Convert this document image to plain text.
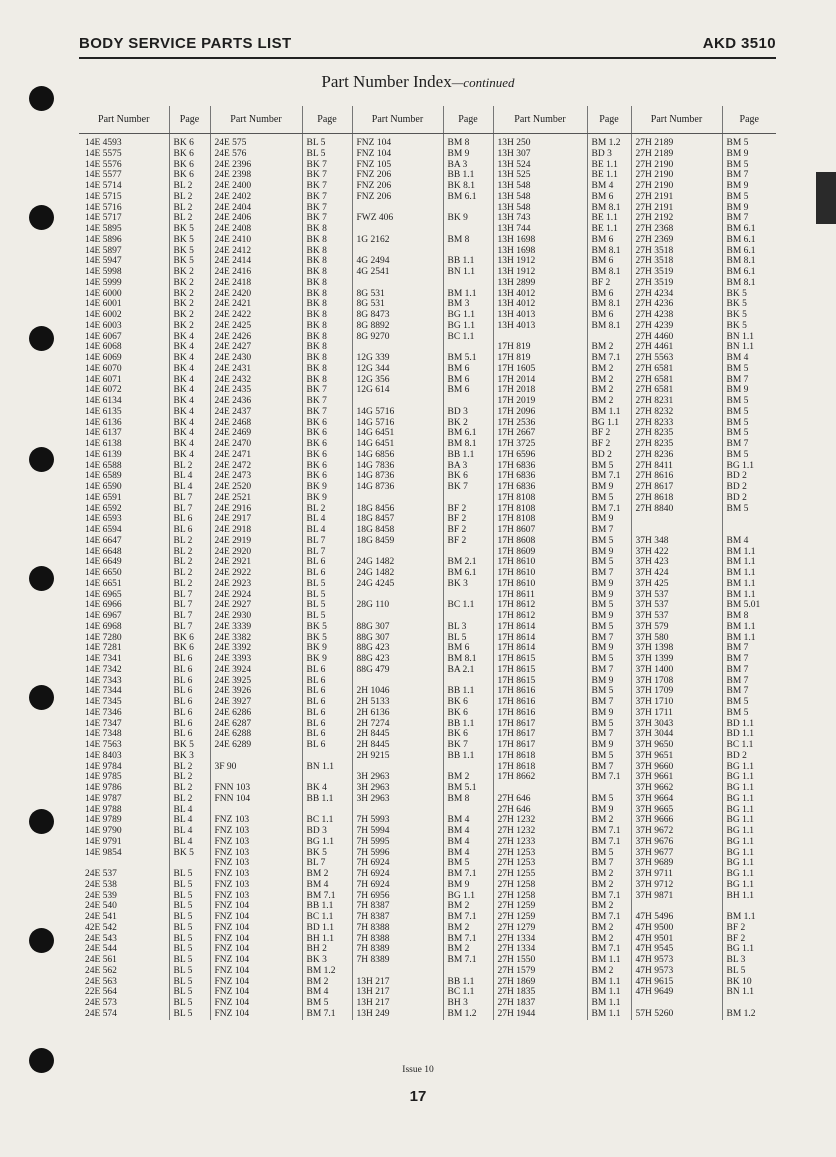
BODY SERVICE PARTS LIST	AKD 3510
Part Number Index—continued
Part Number	Page	Part Number	Page	Part Number	Page	Part Number	Page	Part Number	Page
14E 4593	BK 6	24E 575	BL 5	FNZ 104	BM 8	13H 250	BM 1.2	27H 2189	BM 5
14E 5575	BK 6	24E 576	BL 5	FNZ 104	BM 9	13H 307	BD 3	27H 2189	BM 9
14E 5576	BK 6	24E 2396	BK 7	FNZ 105	BA 3	13H 524	BE 1.1	27H 2190	BM 5
14E 5577	BK 6	24E 2398	BK 7	FNZ 206	BB 1.1	13H 525	BE 1.1	27H 2190	BM 7
14E 5714	BL 2	24E 2400	BK 7	FNZ 206	BK 8.1	13H 548	BM 4	27H 2190	BM 9
14E 5715	BL 2	24E 2402	BK 7	FNZ 206	BM 6.1	13H 548	BM 6	27H 2191	BM 5
14E 5716	BL 2	24E 2404	BK 7			13H 548	BM 8.1	27H 2191	BM 9
14E 5717	BL 2	24E 2406	BK 7	FWZ 406	BK 9	13H 743	BE 1.1	27H 2192	BM 7
14E 5895	BK 5	24E 2408	BK 8			13H 744	BE 1.1	27H 2368	BM 6.1
14E 5896	BK 5	24E 2410	BK 8	1G 2162	BM 8	13H 1698	BM 6	27H 2369	BM 6.1
14E 5897	BK 5	24E 2412	BK 8			13H 1698	BM 8.1	27H 3518	BM 6.1
14E 5947	BK 5	24E 2414	BK 8	4G 2494	BB 1.1	13H 1912	BM 6	27H 3518	BM 8.1
14E 5998	BK 2	24E 2416	BK 8	4G 2541	BN 1.1	13H 1912	BM 8.1	27H 3519	BM 6.1
14E 5999	BK 2	24E 2418	BK 8			13H 2899	BF 2	27H 3519	BM 8.1
14E 6000	BK 2	24E 2420	BK 8	8G 531	BM 1.1	13H 4012	BM 6	27H 4234	BK 5
14E 6001	BK 2	24E 2421	BK 8	8G 531	BM 3	13H 4012	BM 8.1	27H 4236	BK 5
14E 6002	BK 2	24E 2422	BK 8	8G 8473	BG 1.1	13H 4013	BM 6	27H 4238	BK 5
14E 6003	BK 2	24E 2425	BK 8	8G 8892	BG 1.1	13H 4013	BM 8.1	27H 4239	BK 5
14E 6067	BK 4	24E 2426	BK 8	8G 9270	BC 1.1			27H 4460	BN 1.1
14E 6068	BK 4	24E 2427	BK 8			17H 819	BM 2	27H 4461	BN 1.1
14E 6069	BK 4	24E 2430	BK 8	12G 339	BM 5.1	17H 819	BM 7.1	27H 5563	BM 4
14E 6070	BK 4	24E 2431	BK 8	12G 344	BM 6	17H 1605	BM 2	27H 6581	BM 5
14E 6071	BK 4	24E 2432	BK 8	12G 356	BM 6	17H 2014	BM 2	27H 6581	BM 7
14E 6072	BK 4	24E 2435	BK 7	12G 614	BM 6	17H 2018	BM 2	27H 6581	BM 9
14E 6134	BK 4	24E 2436	BK 7			17H 2019	BM 2	27H 8231	BM 5
14E 6135	BK 4	24E 2437	BK 7	14G 5716	BD 3	17H 2096	BM 1.1	27H 8232	BM 5
14E 6136	BK 4	24E 2468	BK 6	14G 5716	BK 2	17H 2536	BG 1.1	27H 8233	BM 5
14E 6137	BK 4	24E 2469	BK 6	14G 6451	BM 6.1	17H 2667	BF 2	27H 8235	BM 5
14E 6138	BK 4	24E 2470	BK 6	14G 6451	BM 8.1	17H 3725	BF 2	27H 8235	BM 7
14E 6139	BK 4	24E 2471	BK 6	14G 6856	BB 1.1	17H 6596	BD 2	27H 8236	BM 5
14E 6588	BL 2	24E 2472	BK 6	14G 7836	BA 3	17H 6836	BM 5	27H 8411	BG 1.1
14E 6589	BL 4	24E 2473	BK 6	14G 8736	BK 6	17H 6836	BM 7.1	27H 8616	BD 2
14E 6590	BL 4	24E 2520	BK 9	14G 8736	BK 7	17H 6836	BM 9	27H 8617	BD 2
14E 6591	BL 7	24E 2521	BK 9			17H 8108	BM 5	27H 8618	BD 2
14E 6592	BL 7	24E 2916	BL 2	18G 8456	BF 2	17H 8108	BM 7.1	27H 8840	BM 5
14E 6593	BL 6	24E 2917	BL 4	18G 8457	BF 2	17H 8108	BM 9		
14E 6594	BL 6	24E 2918	BL 4	18G 8458	BF 2	17H 8607	BM 7		
14E 6647	BL 2	24E 2919	BL 7	18G 8459	BF 2	17H 8608	BM 5	37H 348	BM 4
14E 6648	BL 2	24E 2920	BL 7			17H 8609	BM 9	37H 422	BM 1.1
14E 6649	BL 2	24E 2921	BL 6	24G 1482	BM 2.1	17H 8610	BM 5	37H 423	BM 1.1
14E 6650	BL 2	24E 2922	BL 6	24G 1482	BM 6.1	17H 8610	BM 7	37H 424	BM 1.1
14E 6651	BL 2	24E 2923	BL 5	24G 4245	BK 3	17H 8610	BM 9	37H 425	BM 1.1
14E 6965	BL 7	24E 2924	BL 5			17H 8611	BM 9	37H 537	BM 1.1
14E 6966	BL 7	24E 2927	BL 5	28G 110	BC 1.1	17H 8612	BM 5	37H 537	BM 5.01
14E 6967	BL 7	24E 2930	BL 5			17H 8612	BM 9	37H 537	BM 8
14E 6968	BL 7	24E 3339	BK 5	88G 307	BL 3	17H 8614	BM 5	37H 579	BM 1.1
14E 7280	BK 6	24E 3382	BK 5	88G 307	BL 5	17H 8614	BM 7	37H 580	BM 1.1
14E 7281	BK 6	24E 3392	BK 9	88G 423	BM 6	17H 8614	BM 9	37H 1398	BM 7
14E 7341	BL 6	24E 3393	BK 9	88G 423	BM 8.1	17H 8615	BM 5	37H 1399	BM 7
14E 7342	BL 6	24E 3924	BL 6	88G 479	BA 2.1	17H 8615	BM 7	37H 1400	BM 7
14E 7343	BL 6	24E 3925	BL 6			17H 8615	BM 9	37H 1708	BM 7
14E 7344	BL 6	24E 3926	BL 6	2H 1046	BB 1.1	17H 8616	BM 5	37H 1709	BM 7
14E 7345	BL 6	24E 3927	BL 6	2H 5133	BK 6	17H 8616	BM 7	37H 1710	BM 5
14E 7346	BL 6	24E 6286	BL 6	2H 6136	BK 6	17H 8616	BM 9	37H 1711	BM 5
14E 7347	BL 6	24E 6287	BL 6	2H 7274	BB 1.1	17H 8617	BM 5	37H 3043	BD 1.1
14E 7348	BL 6	24E 6288	BL 6	2H 8445	BK 6	17H 8617	BM 7	37H 3044	BD 1.1
14E 7563	BK 5	24E 6289	BL 6	2H 8445	BK 7	17H 8617	BM 9	37H 9650	BC 1.1
14E 8403	BK 3			2H 9215	BB 1.1	17H 8618	BM 5	37H 9651	BD 2
14E 9784	BL 2	3F 90	BN 1.1			17H 8618	BM 7	37H 9660	BG 1.1
14E 9785	BL 2			3H 2963	BM 2	17H 8662	BM 7.1	37H 9661	BG 1.1
14E 9786	BL 2	FNN 103	BK 4	3H 2963	BM 5.1			37H 9662	BG 1.1
14E 9787	BL 2	FNN 104	BB 1.1	3H 2963	BM 8	27H 646	BM 5	37H 9664	BG 1.1
14E 9788	BL 4					27H 646	BM 9	37H 9665	BG 1.1
14E 9789	BL 4	FNZ 103	BC 1.1	7H 5993	BM 4	27H 1232	BM 2	37H 9666	BG 1.1
14E 9790	BL 4	FNZ 103	BD 3	7H 5994	BM 4	27H 1232	BM 7.1	37H 9672	BG 1.1
14E 9791	BL 4	FNZ 103	BG 1.1	7H 5995	BM 4	27H 1233	BM 7.1	37H 9676	BG 1.1
14E 9854	BK 5	FNZ 103	BK 5	7H 5996	BM 4	27H 1253	BM 5	37H 9677	BG 1.1
		FNZ 103	BL 7	7H 6924	BM 5	27H 1253	BM 7	37H 9689	BG 1.1
24E 537	BL 5	FNZ 103	BM 2	7H 6924	BM 7.1	27H 1255	BM 2	37H 9711	BG 1.1
24E 538	BL 5	FNZ 103	BM 4	7H 6924	BM 9	27H 1258	BM 2	37H 9712	BG 1.1
24E 539	BL 5	FNZ 103	BM 7.1	7H 6956	BG 1.1	27H 1258	BM 7.1	37H 9871	BH 1.1
24E 540	BL 5	FNZ 104	BB 1.1	7H 8387	BM 2	27H 1259	BM 2		
24E 541	BL 5	FNZ 104	BC 1.1	7H 8387	BM 7.1	27H 1259	BM 7.1	47H 5496	BM 1.1
42E 542	BL 5	FNZ 104	BD 1.1	7H 8388	BM 2	27H 1279	BM 2	47H 9500	BF 2
24E 543	BL 5	FNZ 104	BH 1.1	7H 8388	BM 7.1	27H 1334	BM 2	47H 9501	BF 2
24E 544	BL 5	FNZ 104	BH 2	7H 8389	BM 2	27H 1334	BM 7.1	47H 9545	BG 1.1
24E 561	BL 5	FNZ 104	BK 3	7H 8389	BM 7.1	27H 1550	BM 1.1	47H 9573	BL 3
24E 562	BL 5	FNZ 104	BM 1.2			27H 1579	BM 2	47H 9573	BL 5
24E 563	BL 5	FNZ 104	BM 2	13H 217	BB 1.1	27H 1869	BM 1.1	47H 9615	BK 10
22E 564	BL 5	FNZ 104	BM 4	13H 217	BC 1.1	27H 1835	BM 1.1	47H 9649	BN 1.1
24E 573	BL 5	FNZ 104	BM 5	13H 217	BH 3	27H 1837	BM 1.1		
24E 574	BL 5	FNZ 104	BM 7.1	13H 249	BM 1.2	27H 1944	BM 1.1	57H 5260	BM 1.2
Issue 10
17
